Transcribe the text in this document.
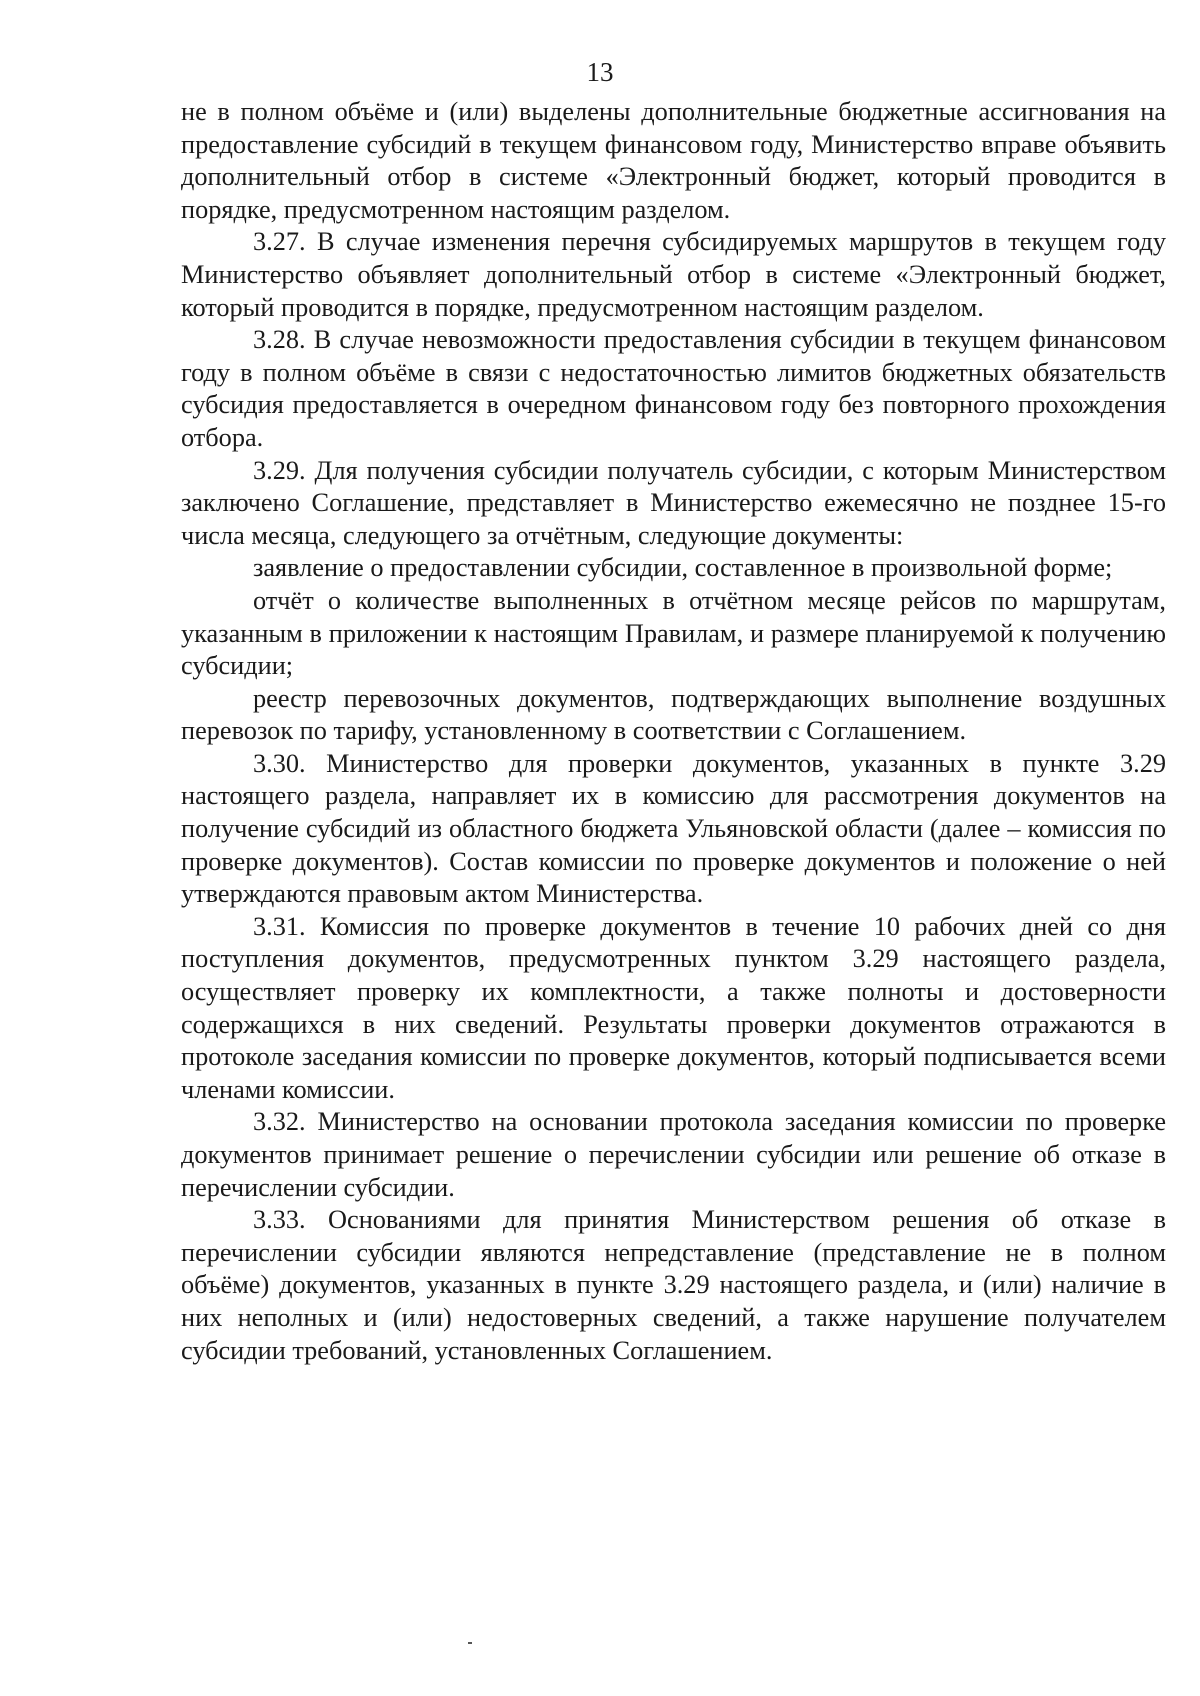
13

не в полном объёме и (или) выделены дополнительные бюджетные ассигнования на предоставление субсидий в текущем финансовом году, Министерство вправе объявить дополнительный отбор в системе «Электронный бюджет, который проводится в порядке, предусмотренном настоящим разделом.

3.27. В случае изменения перечня субсидируемых маршрутов в текущем году Министерство объявляет дополнительный отбор в системе «Электронный бюджет, который проводится в порядке, предусмотренном настоящим разделом.

3.28. В случае невозможности предоставления субсидии в текущем финансовом году в полном объёме в связи с недостаточностью лимитов бюджетных обязательств субсидия предоставляется в очередном финансовом году без повторного прохождения отбора.

3.29. Для получения субсидии получатель субсидии, с которым Министерством заключено Соглашение, представляет в Министерство ежемесячно не позднее 15-го числа месяца, следующего за отчётным, следующие документы:

заявление о предоставлении субсидии, составленное в произвольной форме;

отчёт о количестве выполненных в отчётном месяце рейсов по маршрутам, указанным в приложении к настоящим Правилам, и размере планируемой к получению субсидии;

реестр перевозочных документов, подтверждающих выполнение воздушных перевозок по тарифу, установленному в соответствии с Соглашением.

3.30. Министерство для проверки документов, указанных в пункте 3.29 настоящего раздела, направляет их в комиссию для рассмотрения документов на получение субсидий из областного бюджета Ульяновской области (далее – комиссия по проверке документов). Состав комиссии по проверке документов и положение о ней утверждаются правовым актом Министерства.

3.31. Комиссия по проверке документов в течение 10 рабочих дней со дня поступления документов, предусмотренных пунктом 3.29 настоящего раздела, осуществляет проверку их комплектности, а также полноты и достоверности содержащихся в них сведений. Результаты проверки документов отражаются в протоколе заседания комиссии по проверке документов, который подписывается всеми членами комиссии.

3.32. Министерство на основании протокола заседания комиссии по проверке документов принимает решение о перечислении субсидии или решение об отказе в перечислении субсидии.

3.33. Основаниями для принятия Министерством решения об отказе в перечислении субсидии являются непредставление (представление не в полном объёме) документов, указанных в пункте 3.29 настоящего раздела, и (или) наличие в них неполных и (или) недостоверных сведений, а также нарушение получателем субсидии требований, установленных Соглашением.
